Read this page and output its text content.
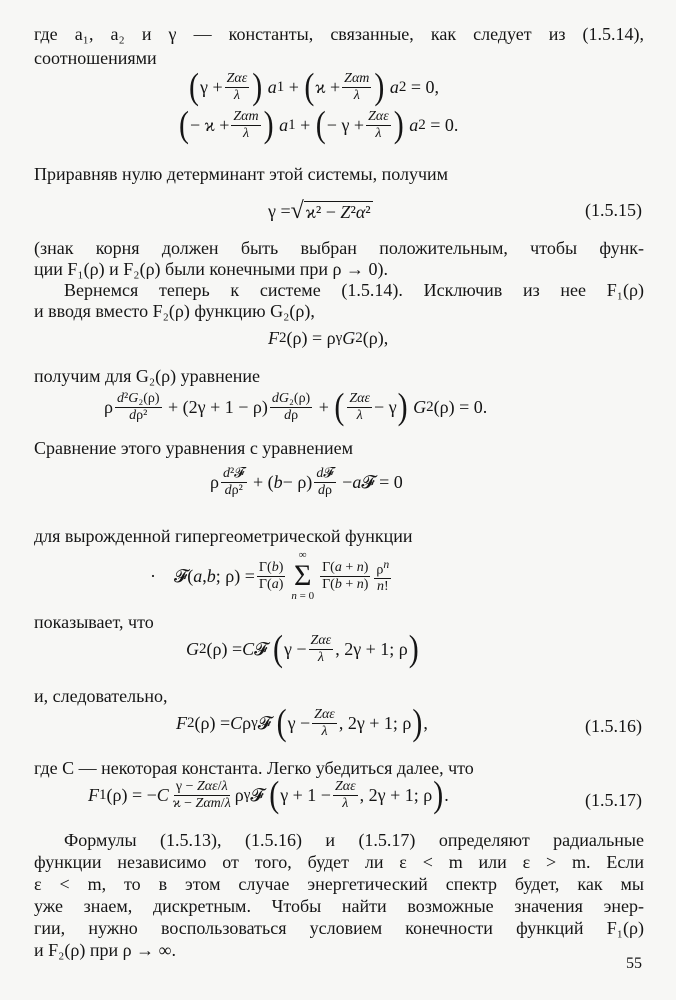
где a₁, a₂ и γ — константы, связанные, как следует из (1.5.14),
соотношениями
( $\gamma + \frac{\text{Zαε}}{\lambda}$ )
a 1 + ( $ϰ + \frac{\text{Zαm}}{\lambda}$ )
a 2 = 0,
( − $ϰ + \frac{\text{Zαm}}{\lambda}$ )
a 1 + ( − $\gamma + \frac{\text{Zαε}}{\lambda}$ )
a 2 = 0.
Приравняв нулю детерминант этой системы, получим
γ = √ ϰ² − Z²α²	(1.5.15)
(знак корня должен быть выбран положительным, чтобы функ-
ции F₁(ρ) и F₂(ρ) были конечными при ρ → 0).
Вернемся теперь к системе (1.5.14). Исключив из нее F₁(ρ)
и вводя вместо F₂(ρ) функцию G₂(ρ),
F 2 (ρ) = ρ γ G 2 (ρ),
получим для G₂(ρ) уравнение
ρ $\frac{\text{d²G₂(ρ)}}{\text{dρ²}} + (2\gamma + 1 - \rho) \frac{\text{dG₂(ρ)}}{d\rho}$ + ( $\frac{\text{Zαε}}{\lambda} - \gamma$ )
G 2 (ρ) = 0.
Сравнение этого уравнения с уравнением
ρ $\frac{\text{d²𝓕}}{\text{dρ²}}$ + ( $b - \rho) \frac{\text{d𝓕}}{d\rho} - a$ 𝓕 = 0
для вырожденной гипергеометрической функции
· 𝓕( a , b ; $\rho) = \frac{\Gamma(b)}{\Gamma(a)}$
∞
Σ
n = 0
$\frac{\Gamma(a + n)}{\Gamma(b + n)} \frac{\rho^n}{n!}$
показывает, что
G 2 (ρ) = C 𝓕 ( $\gamma - \frac{\text{Zαε}}{\lambda}$ , 2γ + 1; ρ )
и, следовательно,
F 2 (ρ) = C ρ γ 𝓕 ( $\gamma - \frac{\text{Zαε}}{\lambda}$ , 2γ + 1; ρ ) ,	(1.5.16)
где C — некоторая константа. Легко убедиться далее, что
F 1 (ρ) = − C $\frac{\text{γ − Zαε/λ}}{\text{ϰ − Zαm/λ}}$ ρ γ 𝓕 ( $\gamma + 1 - \frac{\text{Zαε}}{\lambda}$ , 2γ + 1; ρ ) .	(1.5.17)
Формулы (1.5.13), (1.5.16) и (1.5.17) определяют радиальные
функции независимо от того, будет ли ε < m или ε > m. Если
ε < m, то в этом случае энергетический спектр будет, как мы
уже знаем, дискретным. Чтобы найти возможные значения энер-
гии, нужно воспользоваться условием конечности функций F₁(ρ)
и F₂(ρ) при ρ → ∞.
55
